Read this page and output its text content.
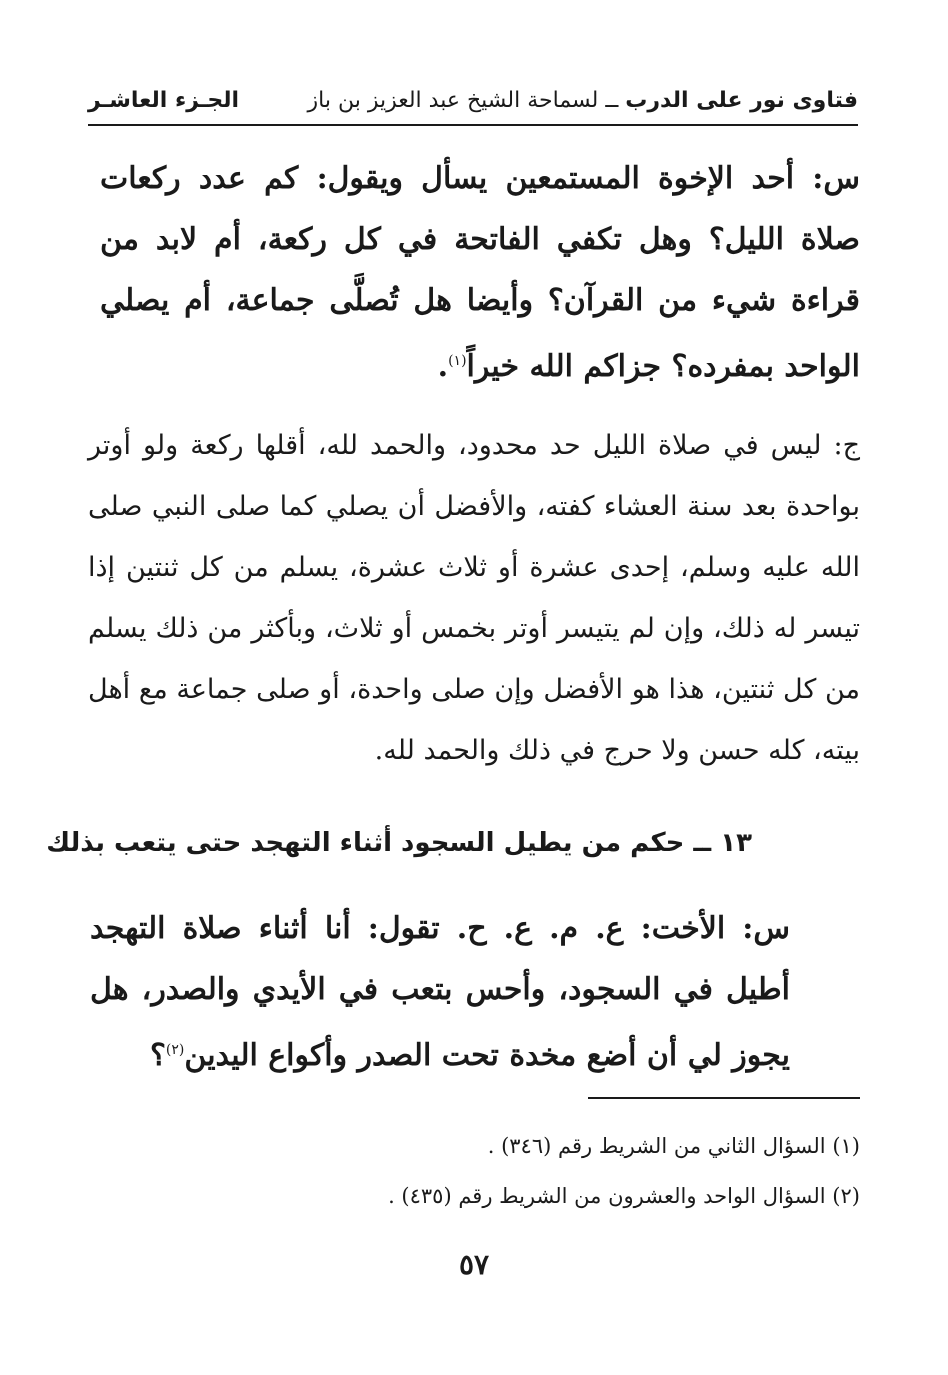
فتاوى نور على الدرب ــ لسماحة الشيخ عبد العزيز بن باز
الجـزء العاشـر
س: أحد الإخوة المستمعين يسأل ويقول: كم عدد ركعات صلاة الليل؟ وهل تكفي الفاتحة في كل ركعة، أم لابد من قراءة شيء من القرآن؟ وأيضا هل تُصلَّى جماعة، أم يصلي الواحد بمفرده؟ جزاكم الله خيراً$^{(١)}$.
ج: ليس في صلاة الليل حد محدود، والحمد لله، أقلها ركعة ولو أوتر بواحدة بعد سنة العشاء كفته، والأفضل أن يصلي كما صلى النبي صلى الله عليه وسلم، إحدى عشرة أو ثلاث عشرة، يسلم من كل ثنتين إذا تيسر له ذلك، وإن لم يتيسر أوتر بخمس أو ثلاث، وبأكثر من ذلك يسلم من كل ثنتين، هذا هو الأفضل وإن صلى واحدة، أو صلى جماعة مع أهل بيته، كله حسن ولا حرج في ذلك والحمد لله.
١٣ ــ حكم من يطيل السجود أثناء التهجد حتى يتعب بذلك
س: الأخت: ع. م. ع. ح. تقول: أنا أثناء صلاة التهجد أطيل في السجود، وأحس بتعب في الأيدي والصدر، هل يجوز لي أن أضع مخدة تحت الصدر وأكواع اليدين$^{(٢)}$؟
(١) السؤال الثاني من الشريط رقم (٣٤٦) .
(٢) السؤال الواحد والعشرون من الشريط رقم (٤٣٥) .
٥٧
